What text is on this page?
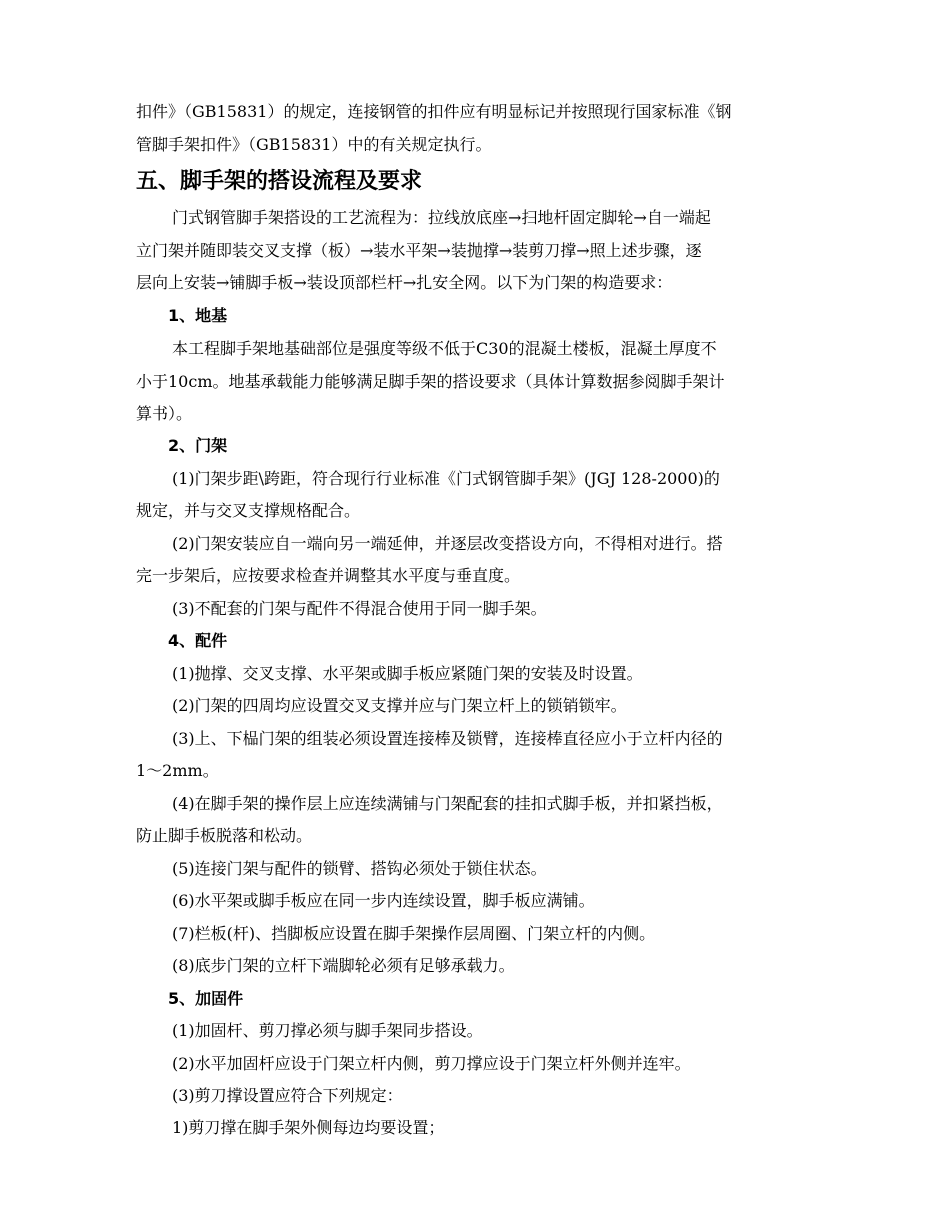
扣件》（GB15831）的规定，连接钢管的扣件应有明显标记并按照现行国家标准《钢
管脚手架扣件》（GB15831）中的有关规定执行。
五、脚手架的搭设流程及要求
门式钢管脚手架搭设的工艺流程为：拉线放底座→扫地杆固定脚轮→自一端起
立门架并随即装交叉支撑（板）→装水平架→装抛撑→装剪刀撑→照上述步骤，逐
层向上安装→铺脚手板→装设顶部栏杆→扎安全网。以下为门架的构造要求：
1、地基
本工程脚手架地基础部位是强度等级不低于C30的混凝土楼板，混凝土厚度不
小于10cm。地基承载能力能够满足脚手架的搭设要求（具体计算数据参阅脚手架计
算书）。
2、门架
(1)门架步距\跨距，符合现行行业标准《门式钢管脚手架》(JGJ 128-2000)的
规定，并与交叉支撑规格配合。
(2)门架安装应自一端向另一端延伸，并逐层改变搭设方向，不得相对进行。搭
完一步架后，应按要求检查并调整其水平度与垂直度。
(3)不配套的门架与配件不得混合使用于同一脚手架。
4、配件
(1)抛撑、交叉支撑、水平架或脚手板应紧随门架的安装及时设置。
(2)门架的四周均应设置交叉支撑并应与门架立杆上的锁销锁牢。
(3)上、下榀门架的组装必须设置连接棒及锁臂，连接棒直径应小于立杆内径的
1～2mm。
(4)在脚手架的操作层上应连续满铺与门架配套的挂扣式脚手板，并扣紧挡板，
防止脚手板脱落和松动。
(5)连接门架与配件的锁臂、搭钩必须处于锁住状态。
(6)水平架或脚手板应在同一步内连续设置，脚手板应满铺。
(7)栏板(杆)、挡脚板应设置在脚手架操作层周圈、门架立杆的内侧。
(8)底步门架的立杆下端脚轮必须有足够承载力。
5、加固件
(1)加固杆、剪刀撑必须与脚手架同步搭设。
(2)水平加固杆应设于门架立杆内侧，剪刀撑应设于门架立杆外侧并连牢。
(3)剪刀撑设置应符合下列规定：
1)剪刀撑在脚手架外侧每边均要设置；
